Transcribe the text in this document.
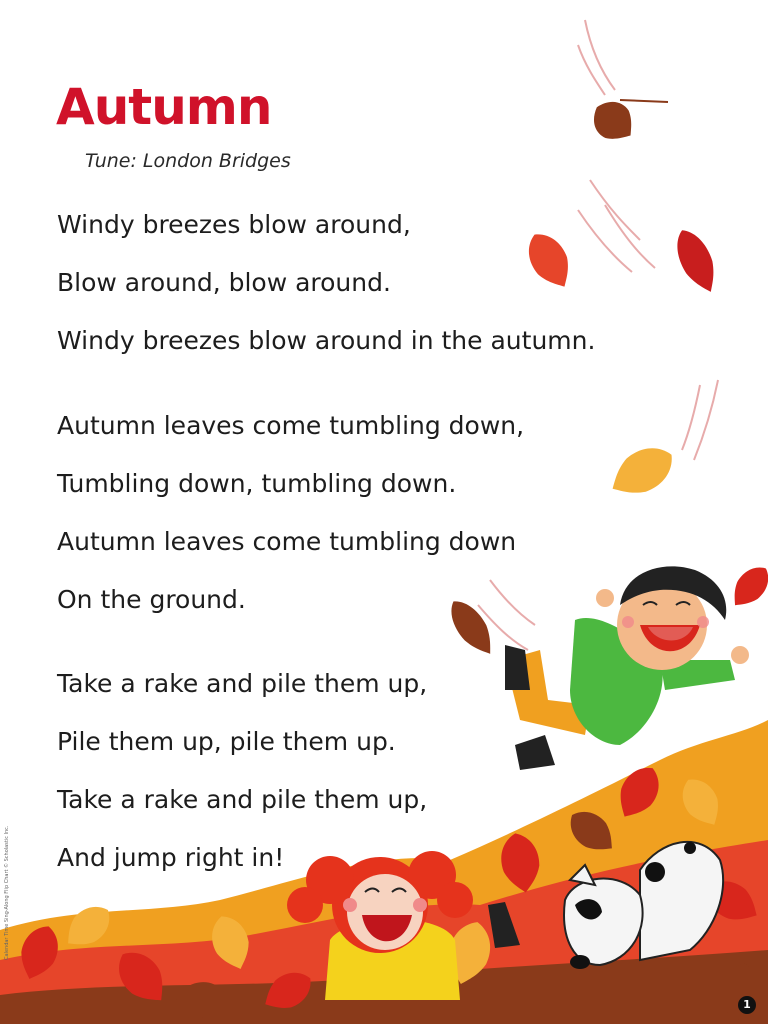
Autumn
Tune: London Bridges
Windy breezes blow around,
Blow around, blow around.
Windy breezes blow around in the autumn.
Autumn leaves come tumbling down,
Tumbling down, tumbling down.
Autumn leaves come tumbling down
On the ground.
Take a rake and pile them up,
Pile them up, pile them up.
Take a rake and pile them up,
And jump right in!
Calendar Time Sing-Along Flip Chart © Scholastic Inc.
1
